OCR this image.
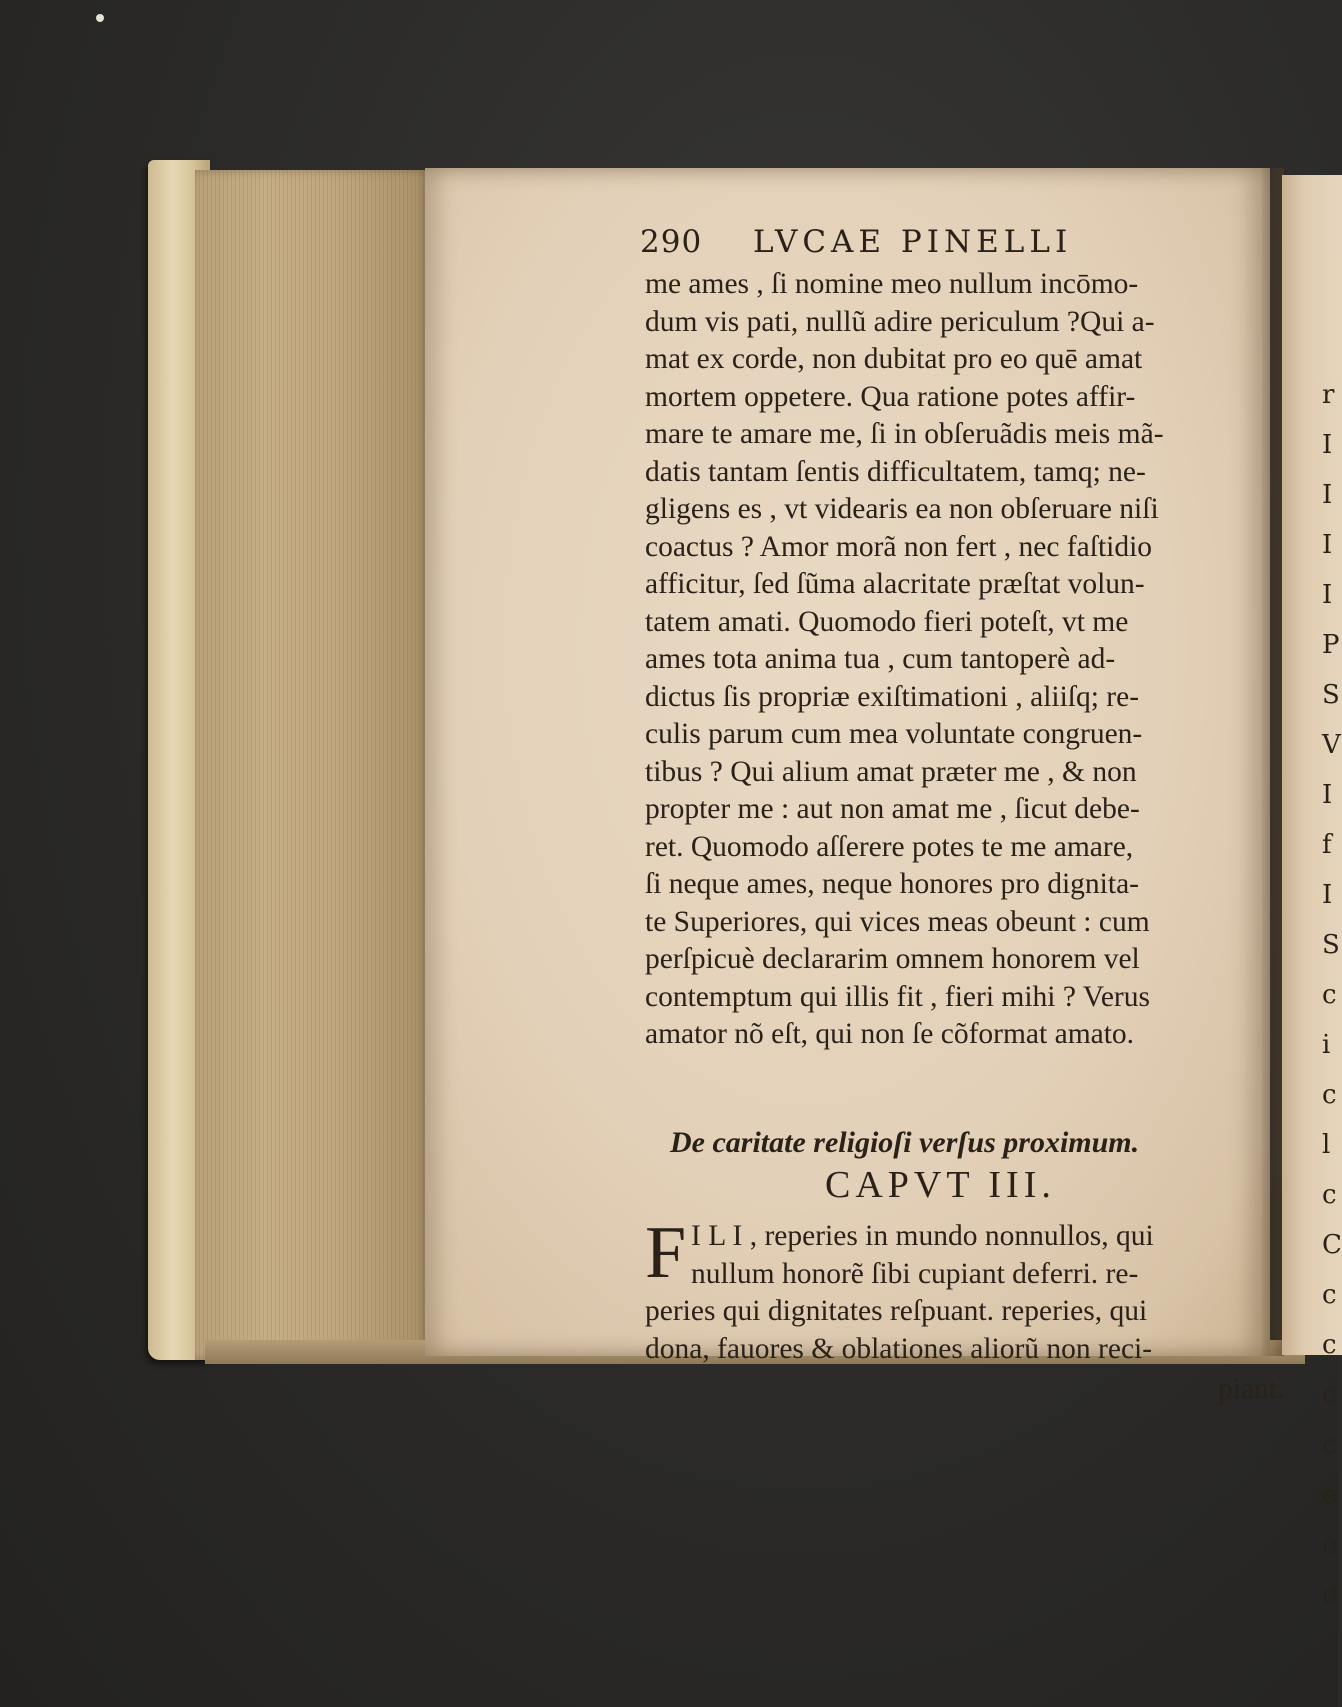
r
I
I
I
I
P
S
V
I
f
I
S
c
i
c
l
c
C
c
c
c
c
e
e
d
290 LVCAE PINELLI
me ames , ſi nomine meo nullum incōmo-
dum vis pati, nullũ adire periculum ?Qui a-
mat ex corde, non dubitat pro eo quē amat
mortem oppetere. Qua ratione potes affir-
mare te amare me, ſi in obſeruãdis meis mã-
datis tantam ſentis difficultatem, tamq; ne-
gligens es , vt videaris ea non obſeruare niſi
coactus ? Amor morã non fert , nec faſtidio
afficitur, ſed ſũma alacritate præſtat volun-
tatem amati. Quomodo fieri poteſt, vt me
ames tota anima tua , cum tantoperè ad-
dictus ſis propriæ exiſtimationi , aliiſq; re-
culis parum cum mea voluntate congruen-
tibus ? Qui alium amat præter me , & non
propter me : aut non amat me , ſicut debe-
ret. Quomodo aſſerere potes te me amare,
ſi neque ames, neque honores pro dignita-
te Superiores, qui vices meas obeunt : cum
perſpicuè declararim omnem honorem vel
contemptum qui illis fit , fieri mihi ? Verus
amator nõ eſt, qui non ſe cõformat amato.
De caritate religioſi verſus proximum.
CAPVT III.
F I L I , reperies in mundo nonnullos, qui
nullum honorẽ ſibi cupiant deferri. re-
peries qui dignitates reſpuant. reperies, qui
dona, fauores & oblationes aliorũ non reci-
piant.
